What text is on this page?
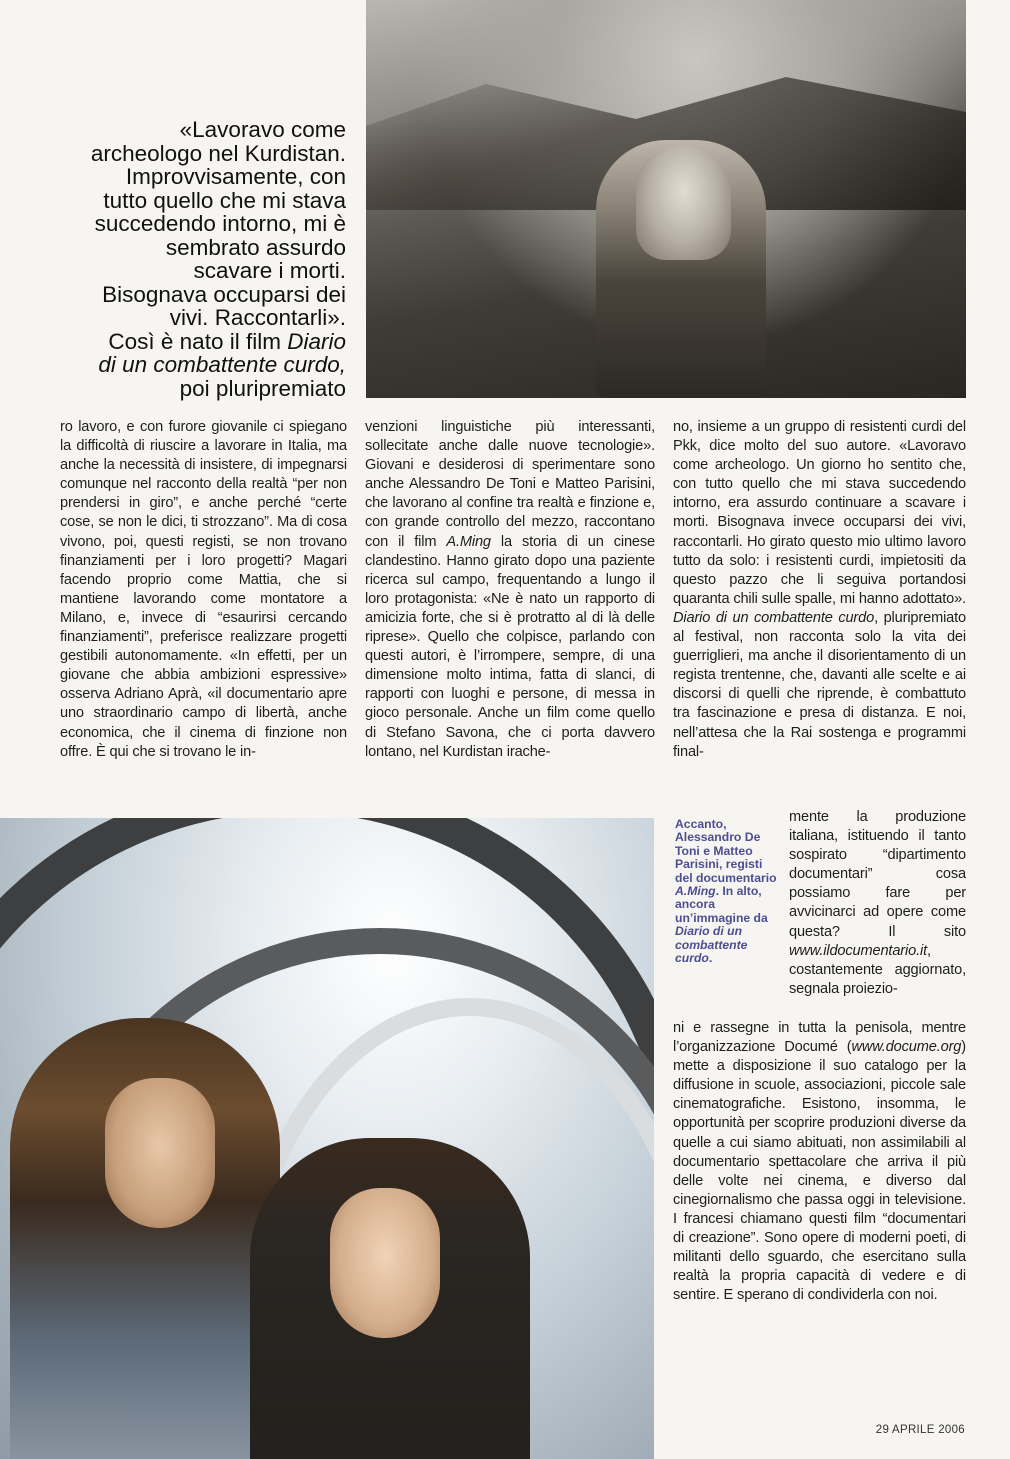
«Lavoravo come
archeologo nel Kurdistan.
Improvvisamente, con
tutto quello che mi stava
succedendo intorno, mi è
sembrato assurdo
scavare i morti.
Bisognava occuparsi dei
vivi. Raccontarli».
Così è nato il film Diario
di un combattente curdo,
poi pluripremiato

ro lavoro, e con furore giovanile ci spiegano la difficoltà di riuscire a lavorare in Italia, ma anche la necessità di insistere, di impegnarsi comunque nel racconto della realtà “per non prendersi in giro”, e anche perché “certe cose, se non le dici, ti strozzano”. Ma di cosa vivono, poi, questi registi, se non trovano finanziamenti per i loro progetti? Magari facendo proprio come Mattia, che si mantiene lavorando come montatore a Milano, e, invece di “esaurirsi cercando finanziamenti”, preferisce realizzare progetti gestibili autonomamente. «In effetti, per un giovane che abbia ambizioni espressive» osserva Adriano Aprà, «il documentario apre uno straordinario campo di libertà, anche economica, che il cinema di finzione non offre. È qui che si trovano le in-

venzioni linguistiche più interessanti, sollecitate anche dalle nuove tecnologie». Giovani e desiderosi di sperimentare sono anche Alessandro De Toni e Matteo Parisini, che lavorano al confine tra realtà e finzione e, con grande controllo del mezzo, raccontano con il film A.Ming la storia di un cinese clandestino. Hanno girato dopo una paziente ricerca sul campo, frequentando a lungo il loro protagonista: «Ne è nato un rapporto di amicizia forte, che si è protratto al di là delle riprese». Quello che colpisce, parlando con questi autori, è l’irrompere, sempre, di una dimensione molto intima, fatta di slanci, di rapporti con luoghi e persone, di messa in gioco personale. Anche un film come quello di Stefano Savona, che ci porta davvero lontano, nel Kurdistan irache-

no, insieme a un gruppo di resistenti curdi del Pkk, dice molto del suo autore. «Lavoravo come archeologo. Un giorno ho sentito che, con tutto quello che mi stava succedendo intorno, era assurdo continuare a scavare i morti. Bisognava invece occuparsi dei vivi, raccontarli. Ho girato questo mio ultimo lavoro tutto da solo: i resistenti curdi, impietositi da questo pazzo che li seguiva portandosi quaranta chili sulle spalle, mi hanno adottato». Diario di un combattente curdo, pluripremiato al festival, non racconta solo la vita dei guerriglieri, ma anche il disorientamento di un regista trentenne, che, davanti alle scelte e ai discorsi di quelli che riprende, è combattuto tra fascinazione e presa di distanza. E noi, nell’attesa che la Rai sostenga e programmi final-

mente la produzione italiana, istituendo il tanto sospirato “dipartimento documentari” cosa possiamo fare per avvicinarci ad opere come questa? Il sito www.ildocumentario.it, costantemente aggiornato, segnala proiezio-

ni e rassegne in tutta la penisola, mentre l’organizzazione Documé (www.docume.org) mette a disposizione il suo catalogo per la diffusione in scuole, associazioni, piccole sale cinematografiche. Esistono, insomma, le opportunità per scoprire produzioni diverse da quelle a cui siamo abituati, non assimilabili al documentario spettacolare che arriva il più delle volte nei cinema, e diverso dal cinegiornalismo che passa oggi in televisione. I francesi chiamano questi film “documentari di creazione”. Sono opere di moderni poeti, di militanti dello sguardo, che esercitano sulla realtà la propria capacità di vedere e di sentire. E sperano di condividerla con noi.

Accanto, Alessandro De Toni e Matteo Parisini, registi del documentario A.Ming. In alto, ancora un’immagine da Diario di un combattente curdo.
29 APRILE 2006
